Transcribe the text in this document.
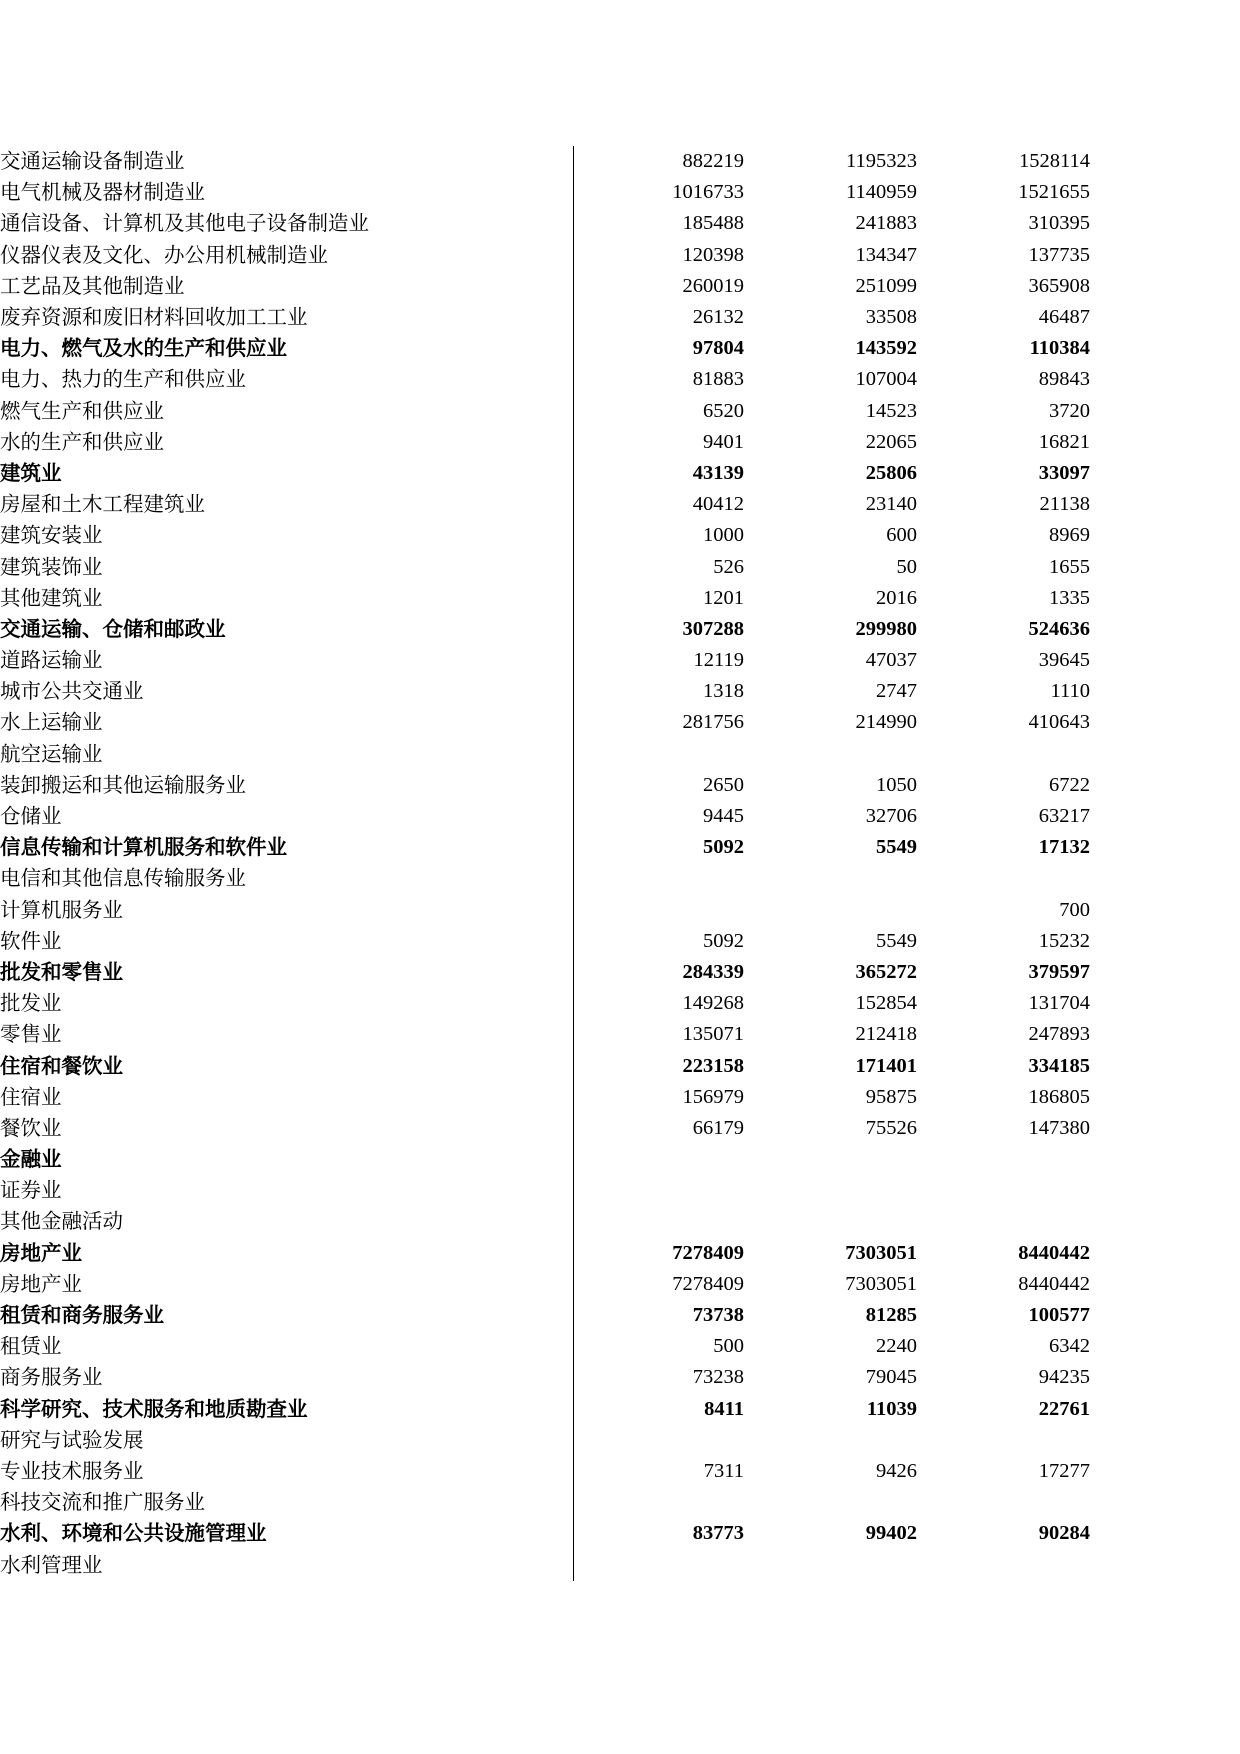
交通运输设备制造业	882219	1195323	1528114	
电气机械及器材制造业	1016733	1140959	1521655	
通信设备、计算机及其他电子设备制造业	185488	241883	310395	
仪器仪表及文化、办公用机械制造业	120398	134347	137735	
工艺品及其他制造业	260019	251099	365908	
废弃资源和废旧材料回收加工工业	26132	33508	46487	
电力、燃气及水的生产和供应业	97804	143592	110384	
电力、热力的生产和供应业	81883	107004	89843	
燃气生产和供应业	6520	14523	3720	
水的生产和供应业	9401	22065	16821	
建筑业	43139	25806	33097	
房屋和土木工程建筑业	40412	23140	21138	
建筑安装业	1000	600	8969	
建筑装饰业	526	50	1655	
其他建筑业	1201	2016	1335	
交通运输、仓储和邮政业	307288	299980	524636	
道路运输业	12119	47037	39645	
城市公共交通业	1318	2747	1110	
水上运输业	281756	214990	410643	
航空运输业				
装卸搬运和其他运输服务业	2650	1050	6722	
仓储业	9445	32706	63217	
信息传输和计算机服务和软件业	5092	5549	17132	
电信和其他信息传输服务业				
计算机服务业			700	
软件业	5092	5549	15232	
批发和零售业	284339	365272	379597	
批发业	149268	152854	131704	
零售业	135071	212418	247893	
住宿和餐饮业	223158	171401	334185	
住宿业	156979	95875	186805	
餐饮业	66179	75526	147380	
金融业				
证券业				
其他金融活动				
房地产业	7278409	7303051	8440442	
房地产业	7278409	7303051	8440442	
租赁和商务服务业	73738	81285	100577	
租赁业	500	2240	6342	
商务服务业	73238	79045	94235	
科学研究、技术服务和地质勘查业	8411	11039	22761	
研究与试验发展				
专业技术服务业	7311	9426	17277	
科技交流和推广服务业				
水利、环境和公共设施管理业	83773	99402	90284	
水利管理业				
